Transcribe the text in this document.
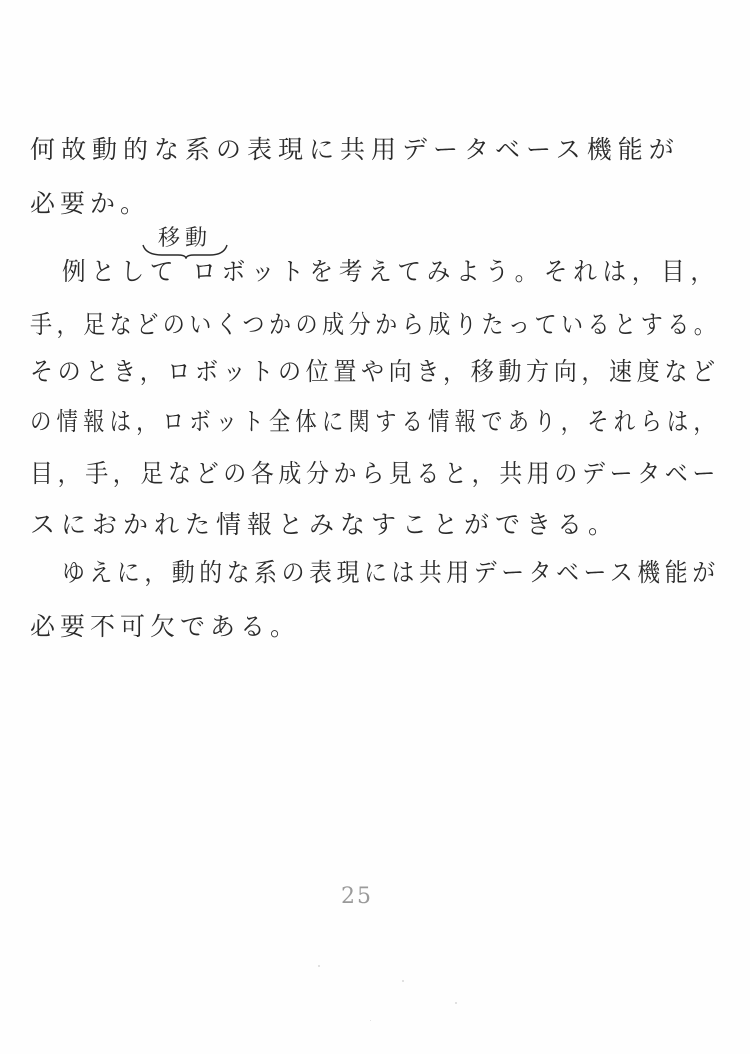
何故動的な系の表現に共用データベース機能が
必要か。
移動
例として ロボットを考えてみよう。それは，目，
手，足などのいくつかの成分から成りたっているとする。
そのとき，ロボットの位置や向き，移動方向，速度など
の情報は，ロボット全体に関する情報であり，それらは，
目，手，足などの各成分から見ると，共用のデータベー
スにおかれた情報とみなすことができる。
ゆえに，動的な系の表現には共用データベース機能が
必要不可欠である。
25
